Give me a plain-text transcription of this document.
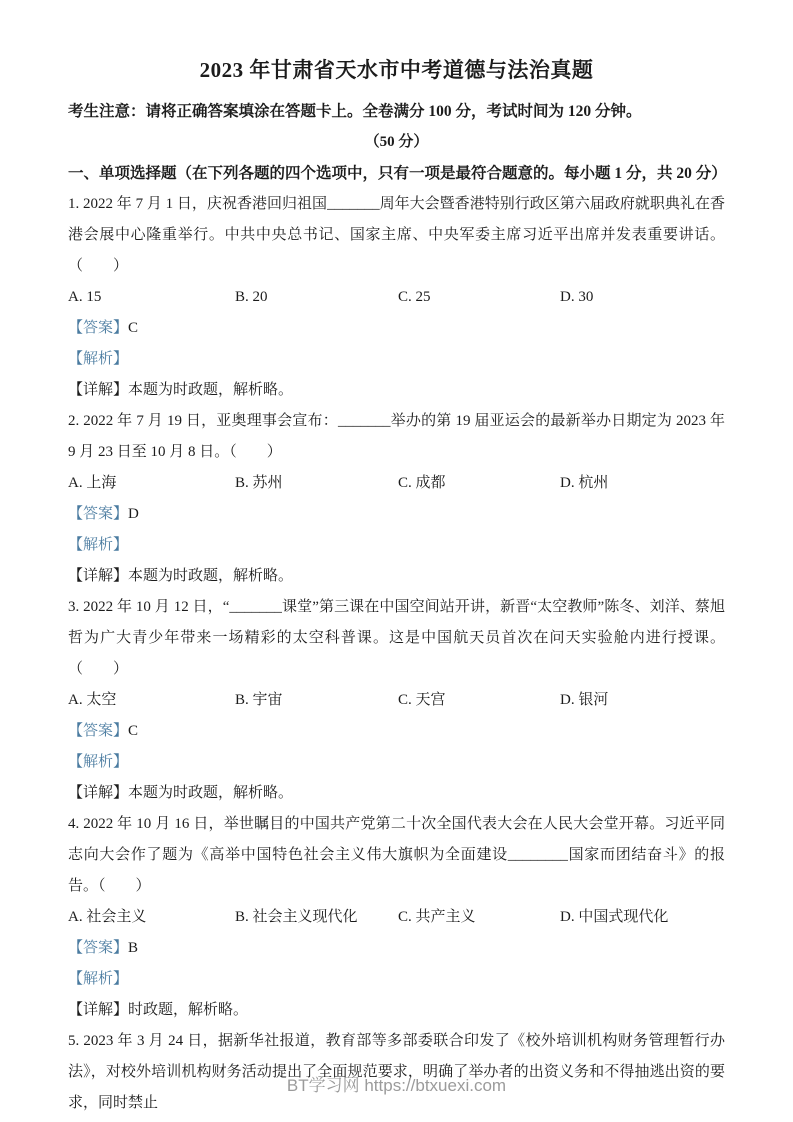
2023 年甘肃省天水市中考道德与法治真题

考生注意：请将正确答案填涂在答题卡上。全卷满分 100 分，考试时间为 120 分钟。

（50 分）

一、单项选择题（在下列各题的四个选项中，只有一项是最符合题意的。每小题 1 分，共 20 分）

1. 2022 年 7 月 1 日，庆祝香港回归祖国_______周年大会暨香港特别行政区第六届政府就职典礼在香港会展中心隆重举行。中共中央总书记、国家主席、中央军委主席习近平出席并发表重要讲话。（　　）

A. 15	B. 20	C. 25	D. 30

【答案】C

【解析】

【详解】本题为时政题，解析略。

2. 2022 年 7 月 19 日，亚奥理事会宣布：_______举办的第 19 届亚运会的最新举办日期定为 2023 年 9 月 23 日至 10 月 8 日。（　　）

A. 上海	B. 苏州	C. 成都	D. 杭州

【答案】D

【解析】

【详解】本题为时政题，解析略。

3. 2022 年 10 月 12 日，“_______课堂”第三课在中国空间站开讲，新晋“太空教师”陈冬、刘洋、蔡旭哲为广大青少年带来一场精彩的太空科普课。这是中国航天员首次在问天实验舱内进行授课。（　　）

A. 太空	B. 宇宙	C. 天宫	D. 银河

【答案】C

【解析】

【详解】本题为时政题，解析略。

4. 2022 年 10 月 16 日，举世瞩目的中国共产党第二十次全国代表大会在人民大会堂开幕。习近平同志向大会作了题为《高举中国特色社会主义伟大旗帜为全面建设________国家而团结奋斗》的报告。（　　）

A. 社会主义	B. 社会主义现代化	C. 共产主义	D. 中国式现代化

【答案】B

【解析】

【详解】时政题，解析略。

5. 2023 年 3 月 24 日，据新华社报道，教育部等多部委联合印发了《校外培训机构财务管理暂行办法》，对校外培训机构财务活动提出了全面规范要求，明确了举办者的出资义务和不得抽逃出资的要求，同时禁止

BT学习网 https://btxuexi.com
